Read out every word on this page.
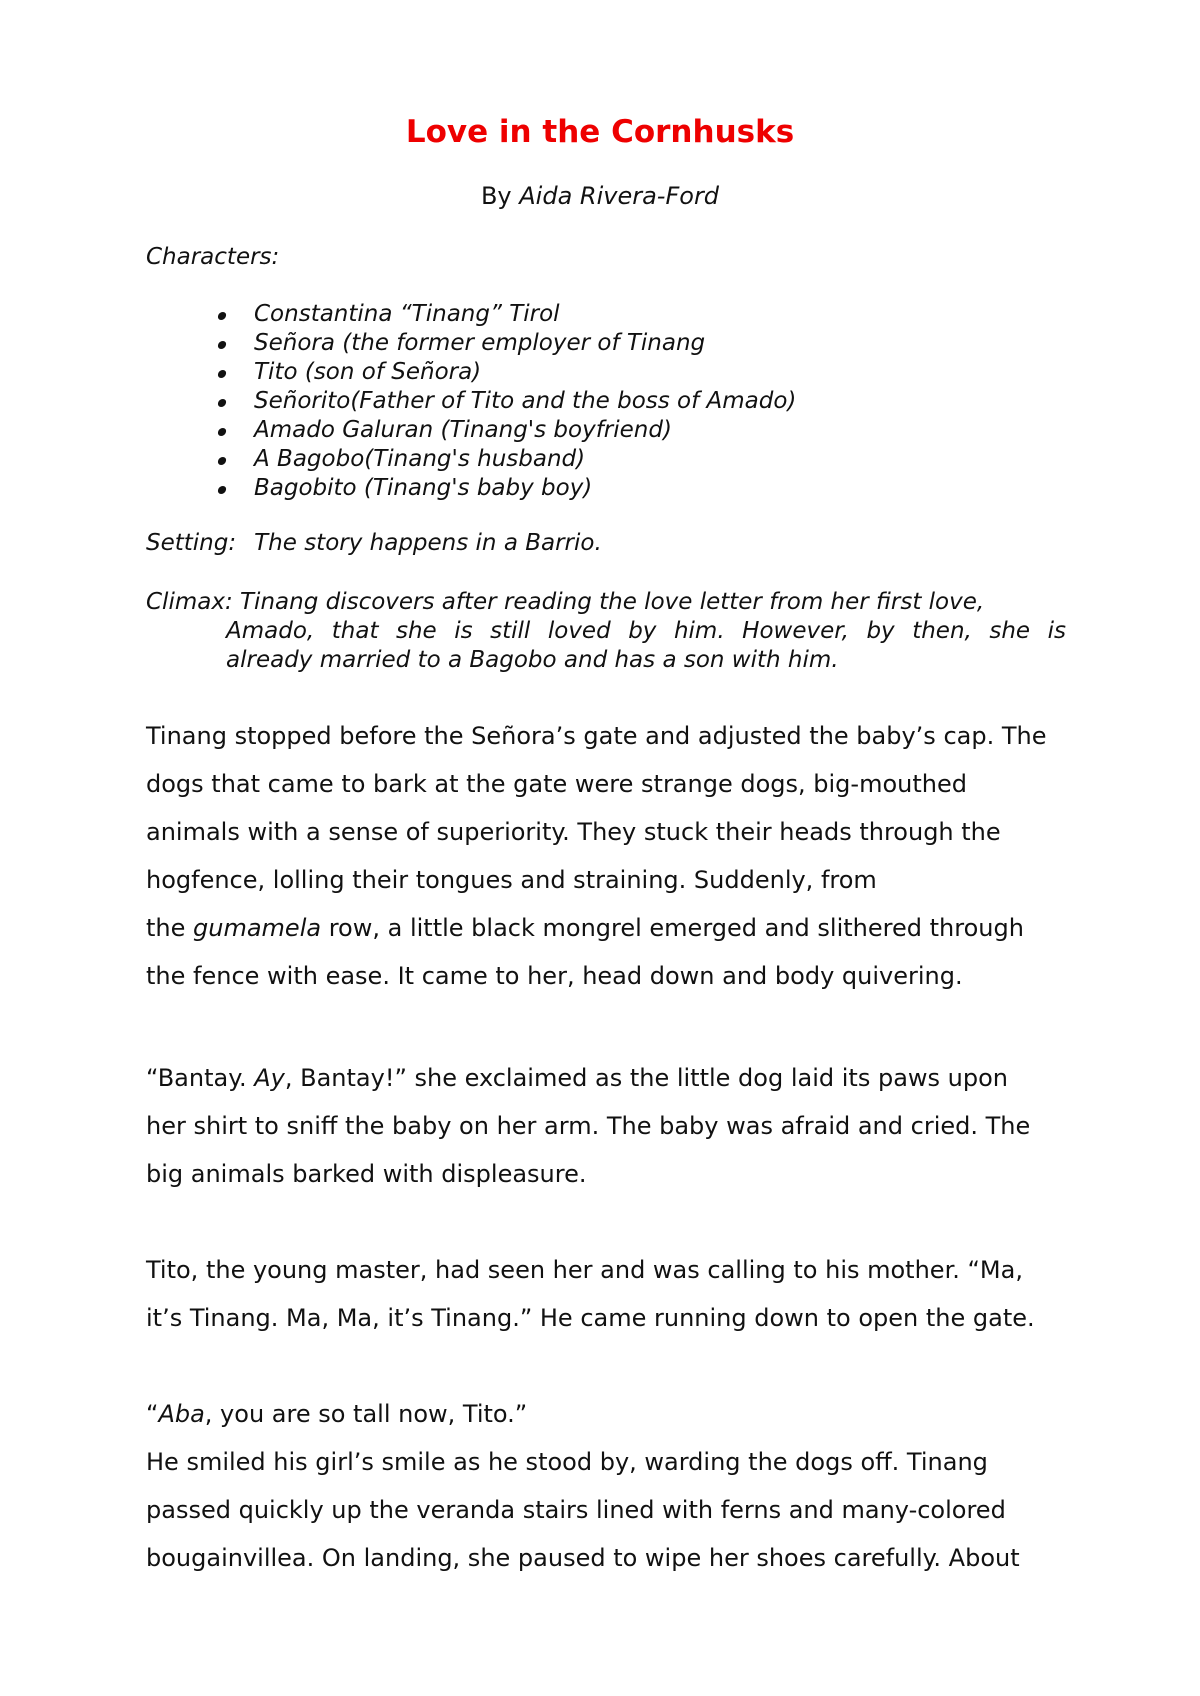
Love in the Cornhusks
By Aida Rivera-Ford
Characters:
Constantina “Tinang” Tirol
Señora (the former employer of Tinang
Tito (son of Señora)
Señorito(Father of Tito and the boss of Amado)
Amado Galuran (Tinang's boyfriend)
A Bagobo(Tinang's husband)
Bagobito (Tinang's baby boy)
Setting: The story happens in a Barrio.
Climax: Tinang discovers after reading the love letter from her first love,
Amado, that she is still loved by him. However, by then, she is
already married to a Bagobo and has a son with him.
Tinang stopped before the Señora’s gate and adjusted the baby’s cap. The
dogs that came to bark at the gate were strange dogs, big-mouthed
animals with a sense of superiority. They stuck their heads through the
hogfence, lolling their tongues and straining. Suddenly, from
the gumamela row, a little black mongrel emerged and slithered through
the fence with ease. It came to her, head down and body quivering.
“Bantay. Ay, Bantay!” she exclaimed as the little dog laid its paws upon
her shirt to sniff the baby on her arm. The baby was afraid and cried. The
big animals barked with displeasure.
Tito, the young master, had seen her and was calling to his mother. “Ma,
it’s Tinang. Ma, Ma, it’s Tinang.” He came running down to open the gate.
“Aba, you are so tall now, Tito.”
He smiled his girl’s smile as he stood by, warding the dogs off. Tinang
passed quickly up the veranda stairs lined with ferns and many-colored
bougainvillea. On landing, she paused to wipe her shoes carefully. About
